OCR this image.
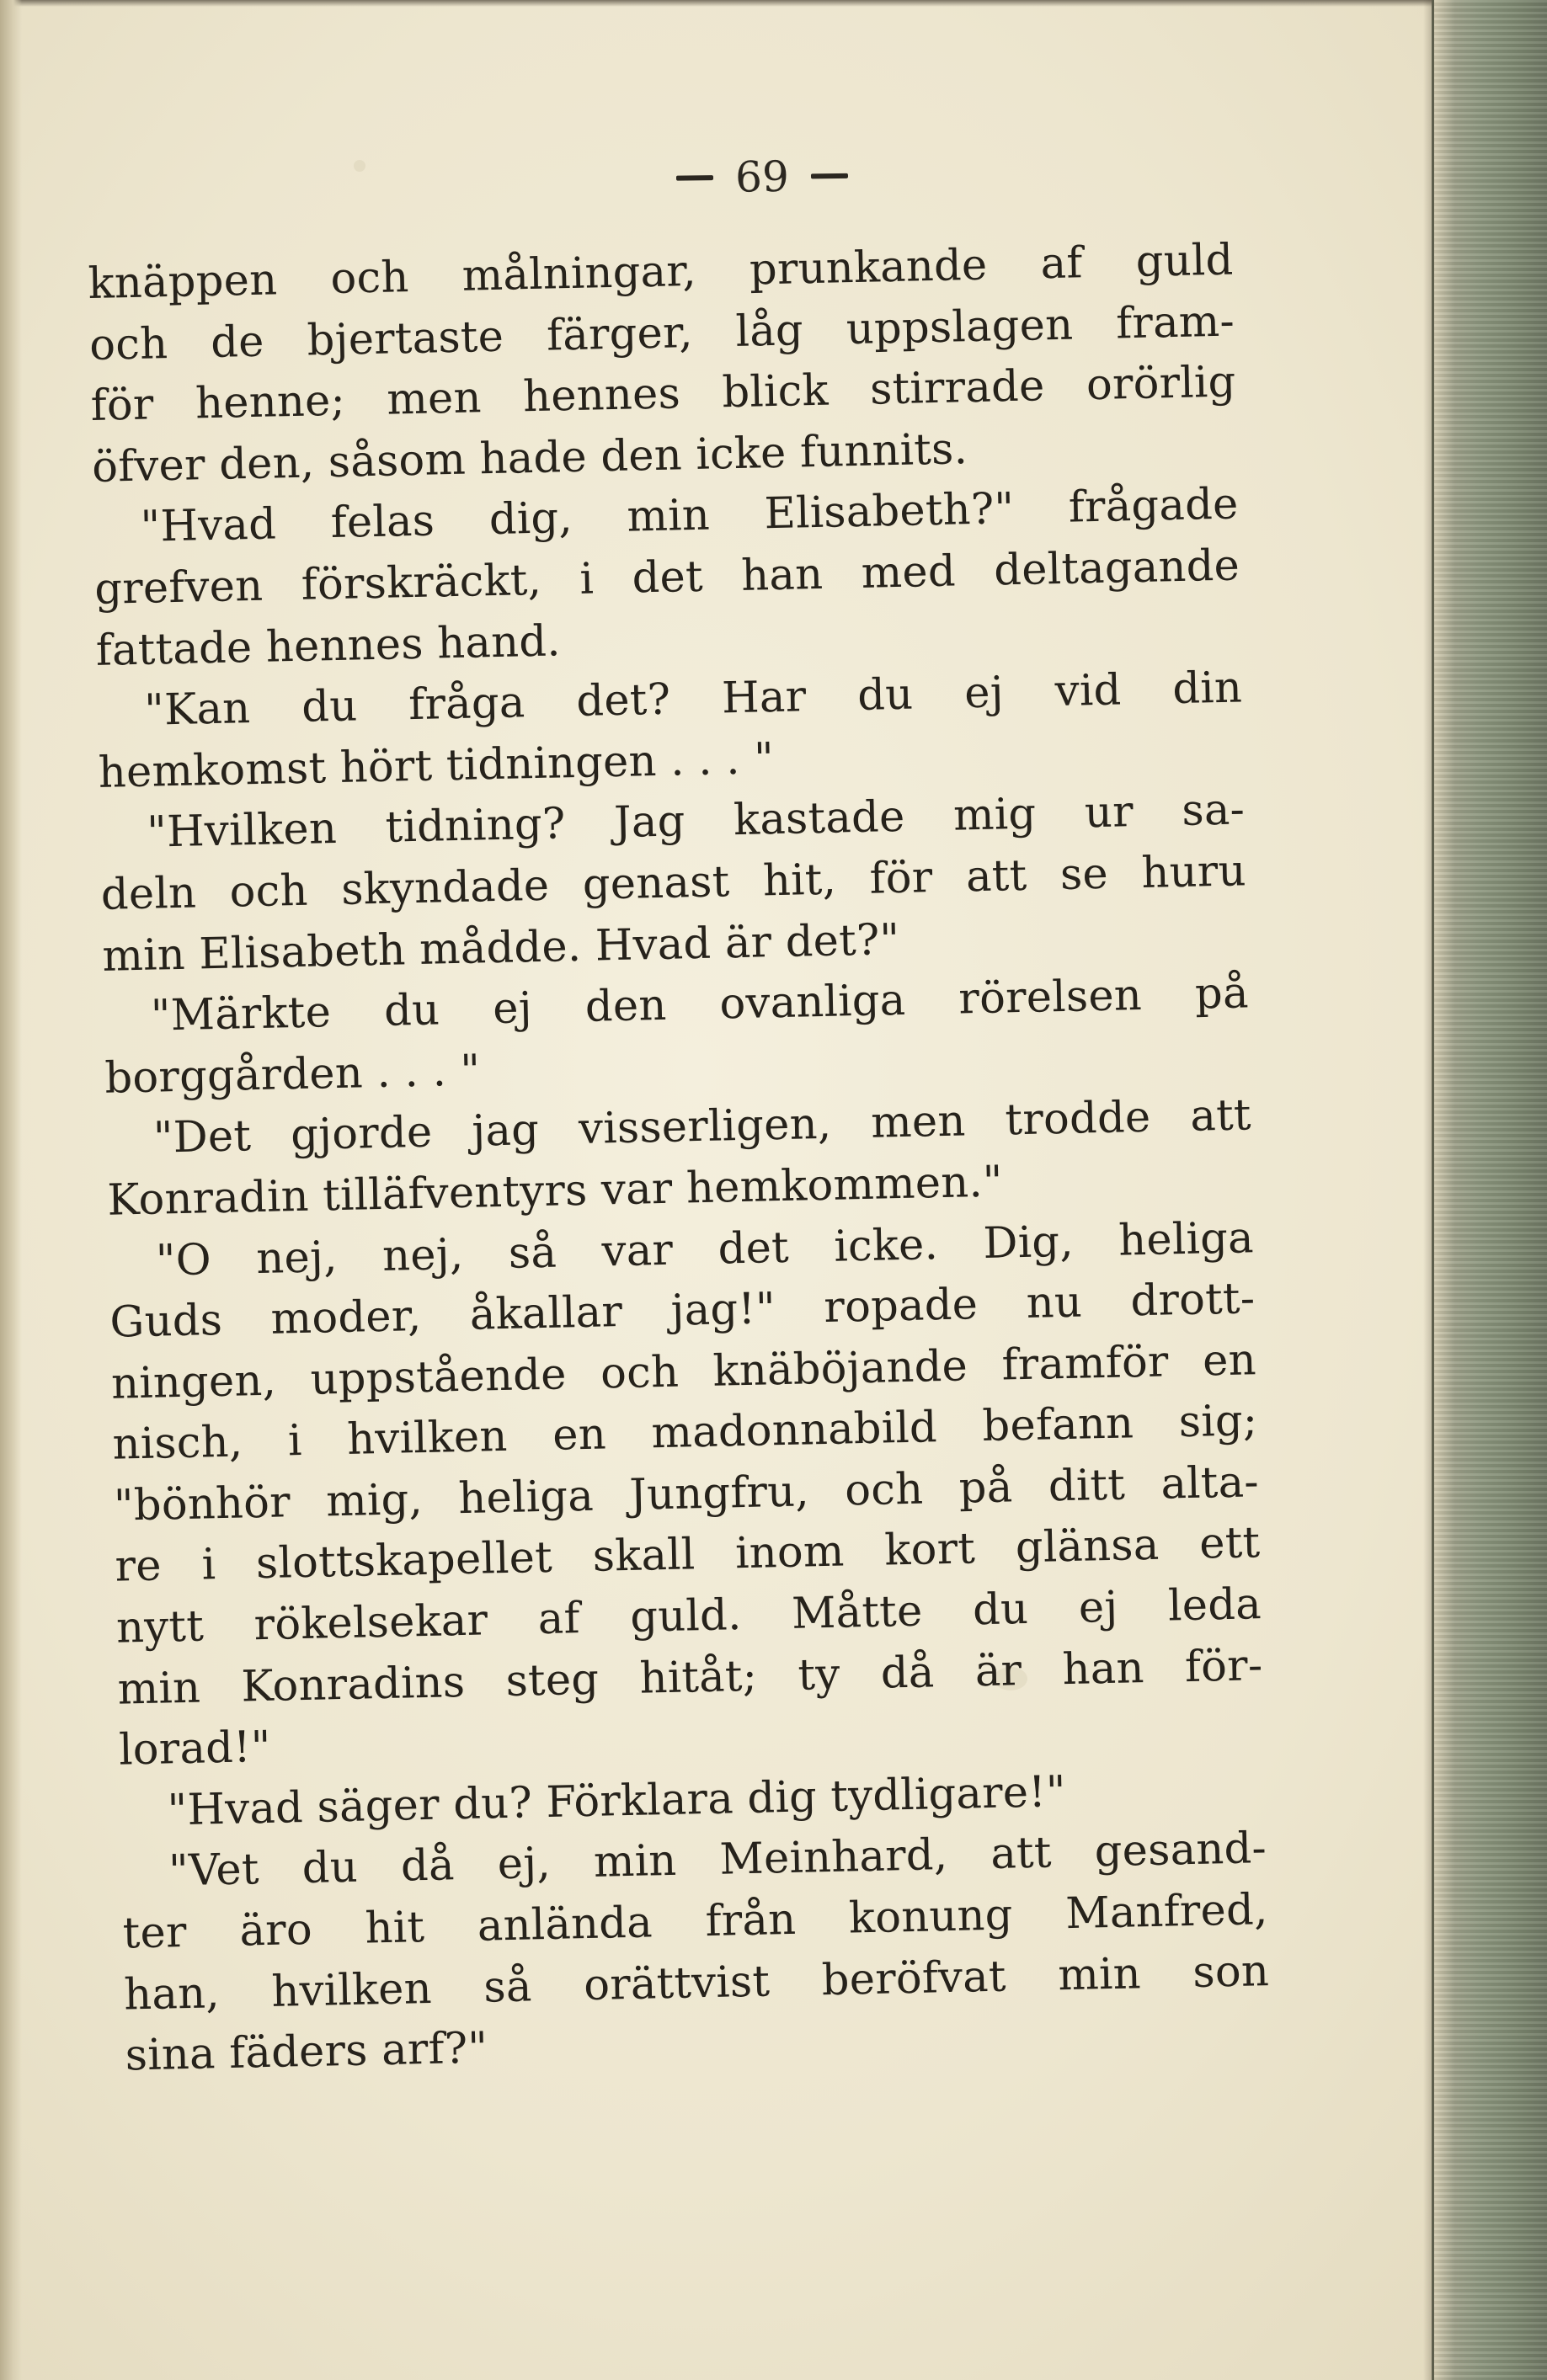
69
knäppen och målningar, prunkande af guld
och de bjertaste färger, låg uppslagen fram-
för henne; men hennes blick stirrade orörlig
öfver den, såsom hade den icke funnits.
"Hvad felas dig, min Elisabeth?" frågade
grefven förskräckt, i det han med deltagande
fattade hennes hand.
"Kan du fråga det? Har du ej vid din
hemkomst hört tidningen . . . "
"Hvilken tidning? Jag kastade mig ur sa-
deln och skyndade genast hit, för att se huru
min Elisabeth mådde. Hvad är det?"
"Märkte du ej den ovanliga rörelsen på
borggården . . . "
"Det gjorde jag visserligen, men trodde att
Konradin tilläfventyrs var hemkommen."
"O nej, nej, så var det icke. Dig, heliga
Guds moder, åkallar jag!" ropade nu drott-
ningen, uppstående och knäböjande framför en
nisch, i hvilken en madonnabild befann sig;
"bönhör mig, heliga Jungfru, och på ditt alta-
re i slottskapellet skall inom kort glänsa ett
nytt rökelsekar af guld. Måtte du ej leda
min Konradins steg hitåt; ty då är han för-
lorad!"
"Hvad säger du? Förklara dig tydligare!"
"Vet du då ej, min Meinhard, att gesand-
ter äro hit anlända från konung Manfred,
han, hvilken så orättvist beröfvat min son
sina fäders arf?"
